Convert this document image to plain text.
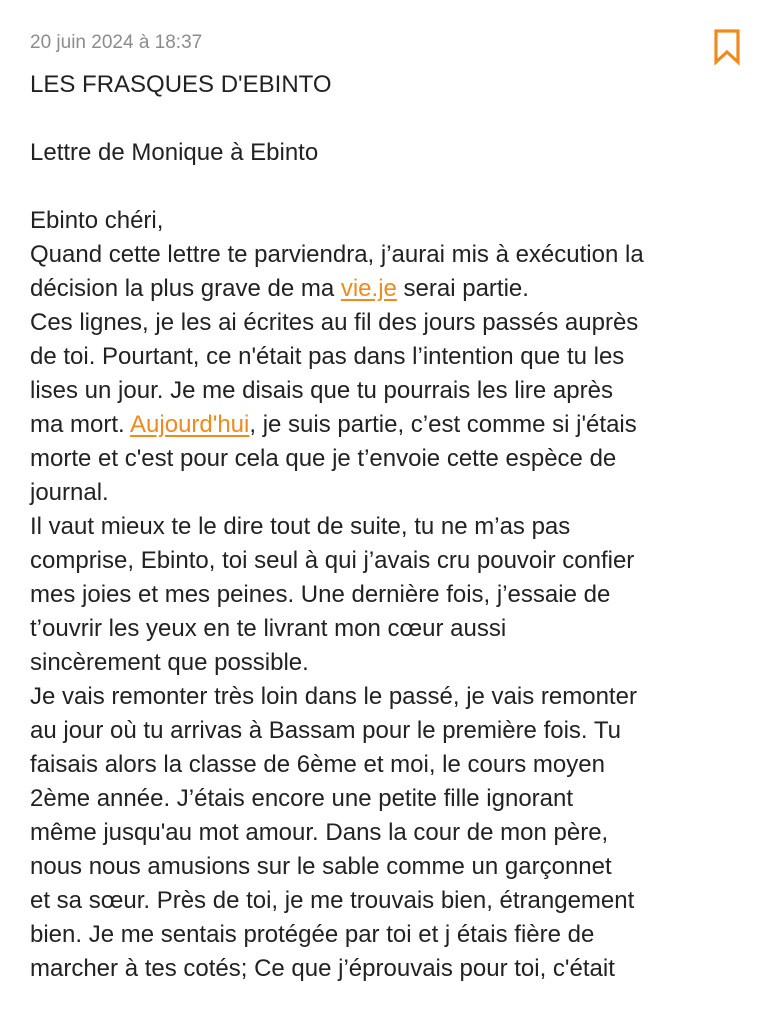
20 juin 2024 à 18:37
LES FRASQUES D'EBINTO
Lettre de Monique à Ebinto
Ebinto chéri,
Quand cette lettre te parviendra, j’aurai mis à exécution la
décision la plus grave de ma vie.je serai partie.
Ces lignes, je les ai écrites au fil des jours passés auprès
de toi. Pourtant, ce n'était pas dans l’intention que tu les
lises un jour. Je me disais que tu pourrais les lire après
ma mort. Aujourd'hui, je suis partie, c’est comme si j'étais
morte et c'est pour cela que je t’envoie cette espèce de
journal.
Il vaut mieux te le dire tout de suite, tu ne m’as pas
comprise, Ebinto, toi seul à qui j’avais cru pouvoir confier
mes joies et mes peines. Une dernière fois, j’essaie de
t’ouvrir les yeux en te livrant mon cœur aussi
sincèrement que possible.
Je vais remonter très loin dans le passé, je vais remonter
au jour où tu arrivas à Bassam pour le première fois. Tu
faisais alors la classe de 6ème et moi, le cours moyen
2ème année. J’étais encore une petite fille ignorant
même jusqu'au mot amour. Dans la cour de mon père,
nous nous amusions sur le sable comme un garçonnet
et sa sœur. Près de toi, je me trouvais bien, étrangement
bien. Je me sentais protégée par toi et j étais fière de
marcher à tes cotés; Ce que j’éprouvais pour toi, c'était
